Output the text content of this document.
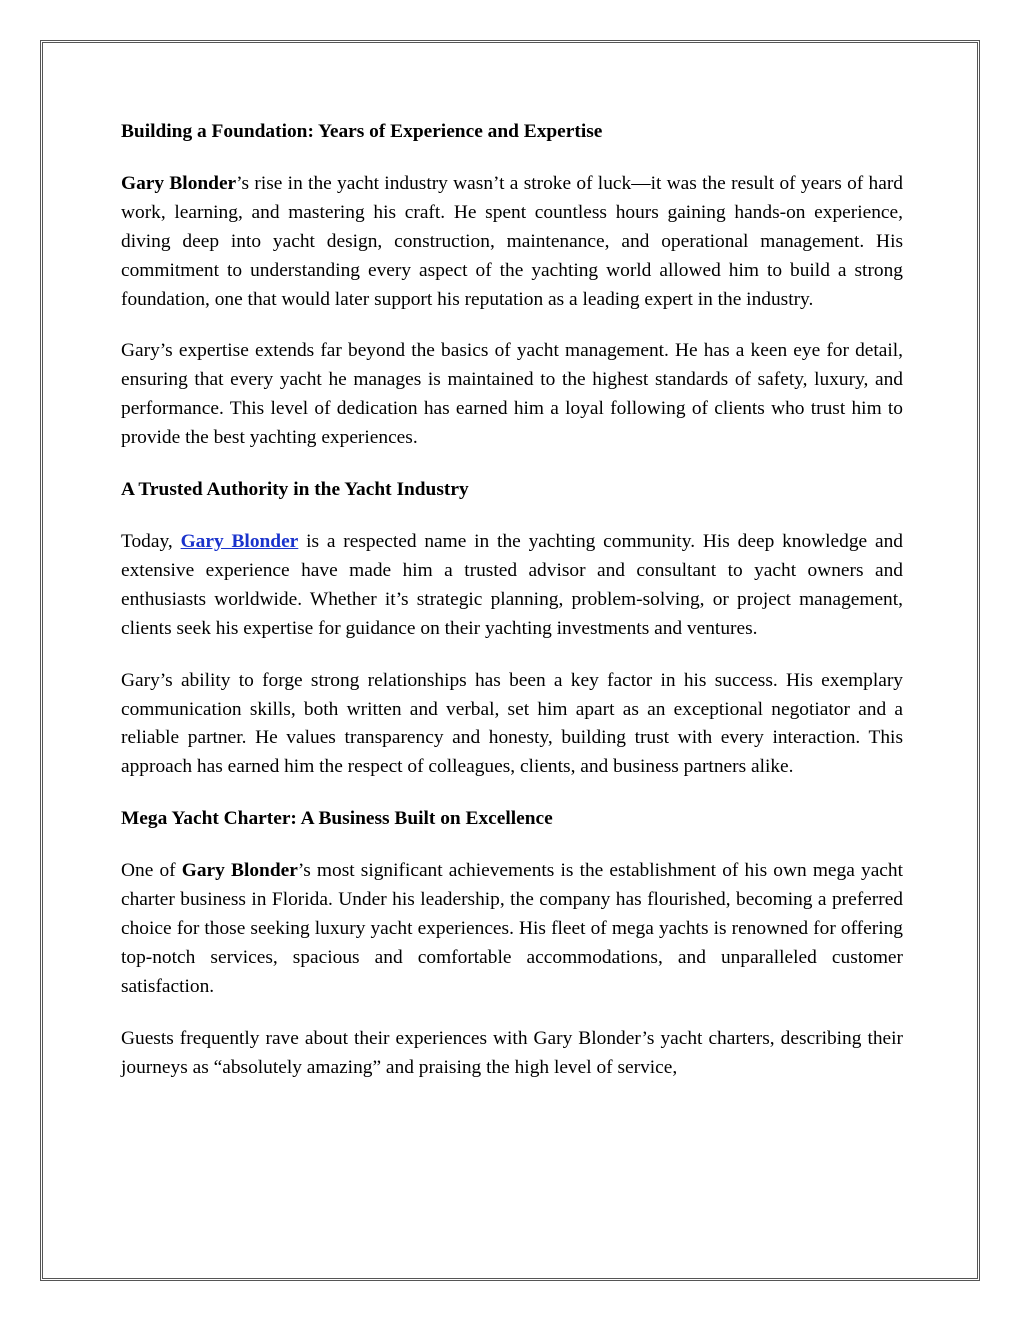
Building a Foundation: Years of Experience and Expertise

Gary Blonder’s rise in the yacht industry wasn’t a stroke of luck—it was the result of years of hard work, learning, and mastering his craft. He spent countless hours gaining hands-on experience, diving deep into yacht design, construction, maintenance, and operational management. His commitment to understanding every aspect of the yachting world allowed him to build a strong foundation, one that would later support his reputation as a leading expert in the industry.

Gary’s expertise extends far beyond the basics of yacht management. He has a keen eye for detail, ensuring that every yacht he manages is maintained to the highest standards of safety, luxury, and performance. This level of dedication has earned him a loyal following of clients who trust him to provide the best yachting experiences.

A Trusted Authority in the Yacht Industry

Today, Gary Blonder is a respected name in the yachting community. His deep knowledge and extensive experience have made him a trusted advisor and consultant to yacht owners and enthusiasts worldwide. Whether it’s strategic planning, problem-solving, or project management, clients seek his expertise for guidance on their yachting investments and ventures.

Gary’s ability to forge strong relationships has been a key factor in his success. His exemplary communication skills, both written and verbal, set him apart as an exceptional negotiator and a reliable partner. He values transparency and honesty, building trust with every interaction. This approach has earned him the respect of colleagues, clients, and business partners alike.

Mega Yacht Charter: A Business Built on Excellence

One of Gary Blonder’s most significant achievements is the establishment of his own mega yacht charter business in Florida. Under his leadership, the company has flourished, becoming a preferred choice for those seeking luxury yacht experiences. His fleet of mega yachts is renowned for offering top-notch services, spacious and comfortable accommodations, and unparalleled customer satisfaction.

Guests frequently rave about their experiences with Gary Blonder’s yacht charters, describing their journeys as “absolutely amazing” and praising the high level of service,
